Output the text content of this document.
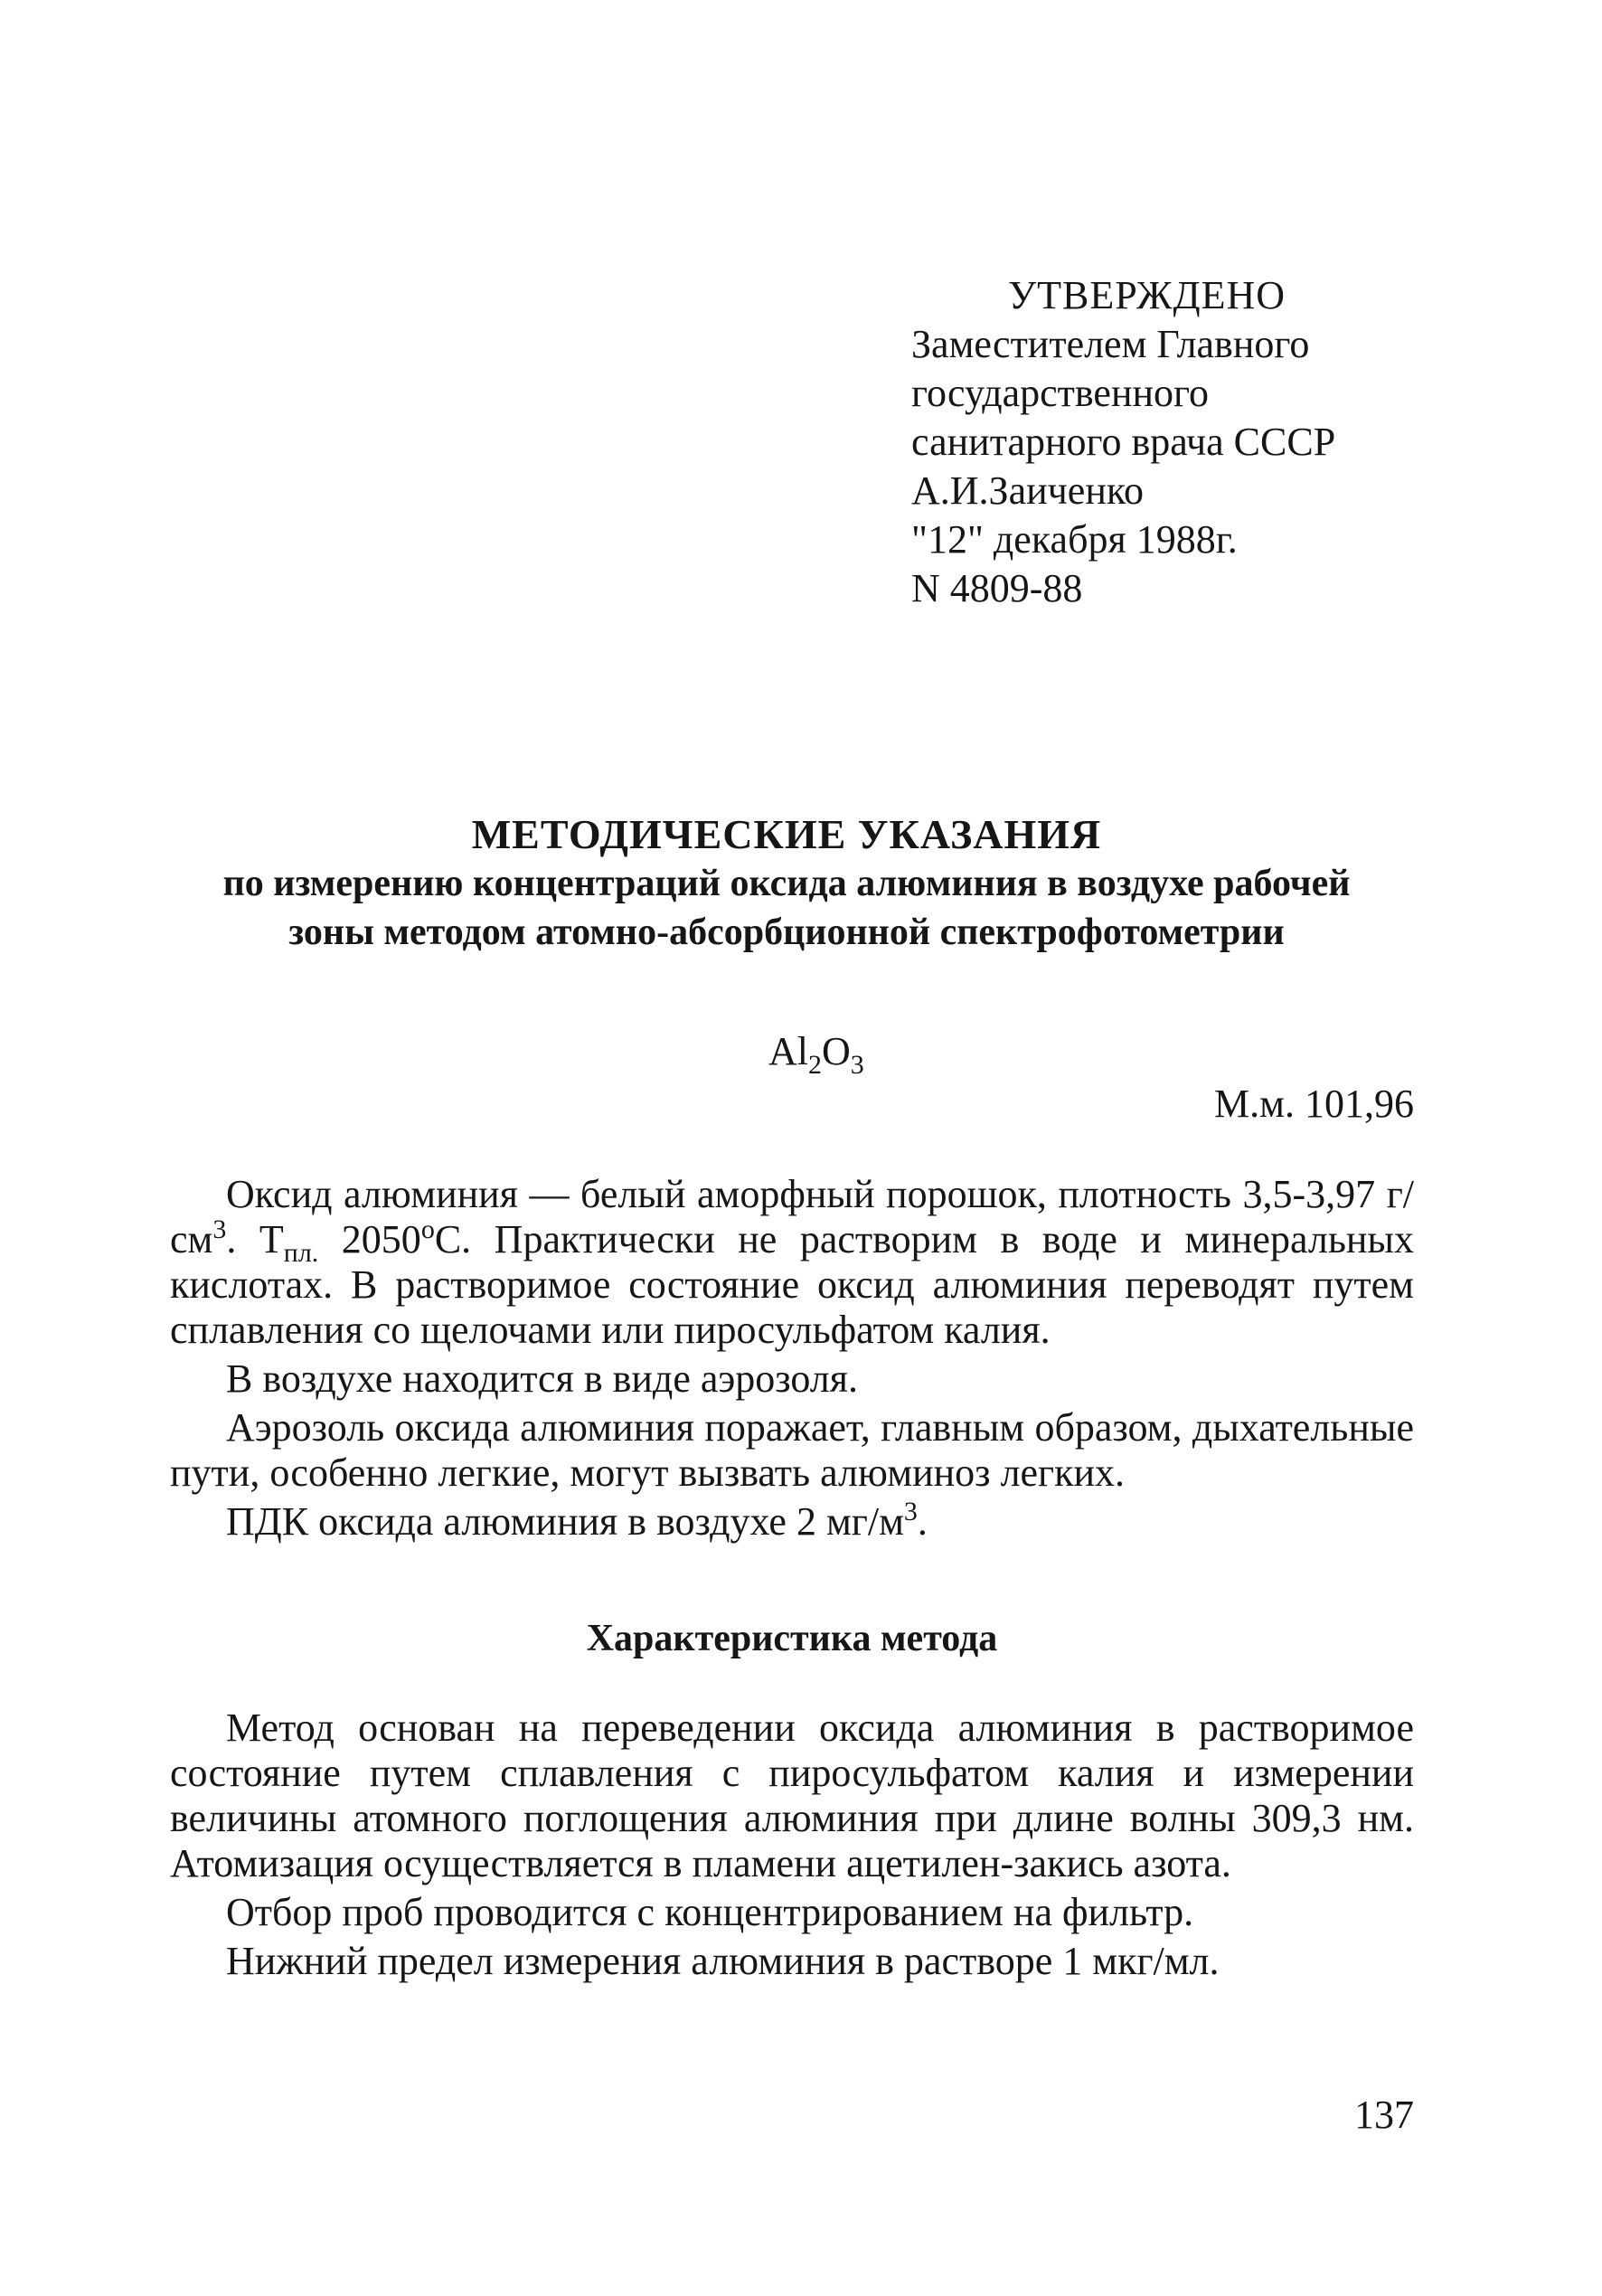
УТВЕРЖДЕНО
Заместителем Главного
государственного
санитарного врача СССР
А.И.Заиченко
"12" декабря 1988г.
N 4809-88
МЕТОДИЧЕСКИЕ УКАЗАНИЯ
по измерению концентраций оксида алюминия в воздухе рабочей
зоны методом атомно-абсорбционной спектрофотометрии
$Al_2O_3$
М.м. 101,96

Оксид алюминия — белый аморфный порошок, плотность 3,5-3,97 $г/см^3$. $Т_{пл.}$ $2050^оС$. Практически не растворим в воде и минеральных кислотах. В растворимое состояние оксид алюминия переводят путем сплавления со щелочами или пиросульфатом калия.

В воздухе находится в виде аэрозоля.

Аэрозоль оксида алюминия поражает, главным образом, дыхательные пути, особенно легкие, могут вызвать алюминоз легких.

ПДК оксида алюминия в воздухе 2 $мг/м^3$.

Характеристика метода

Метод основан на переведении оксида алюминия в растворимое состояние путем сплавления с пиросульфатом калия и измерении величины атомного поглощения алюминия при длине волны 309,3 нм. Атомизация осуществляется в пламени ацетилен-закись азота.

Отбор проб проводится с концентрированием на фильтр.

Нижний предел измерения алюминия в растворе 1 мкг/мл.

137
